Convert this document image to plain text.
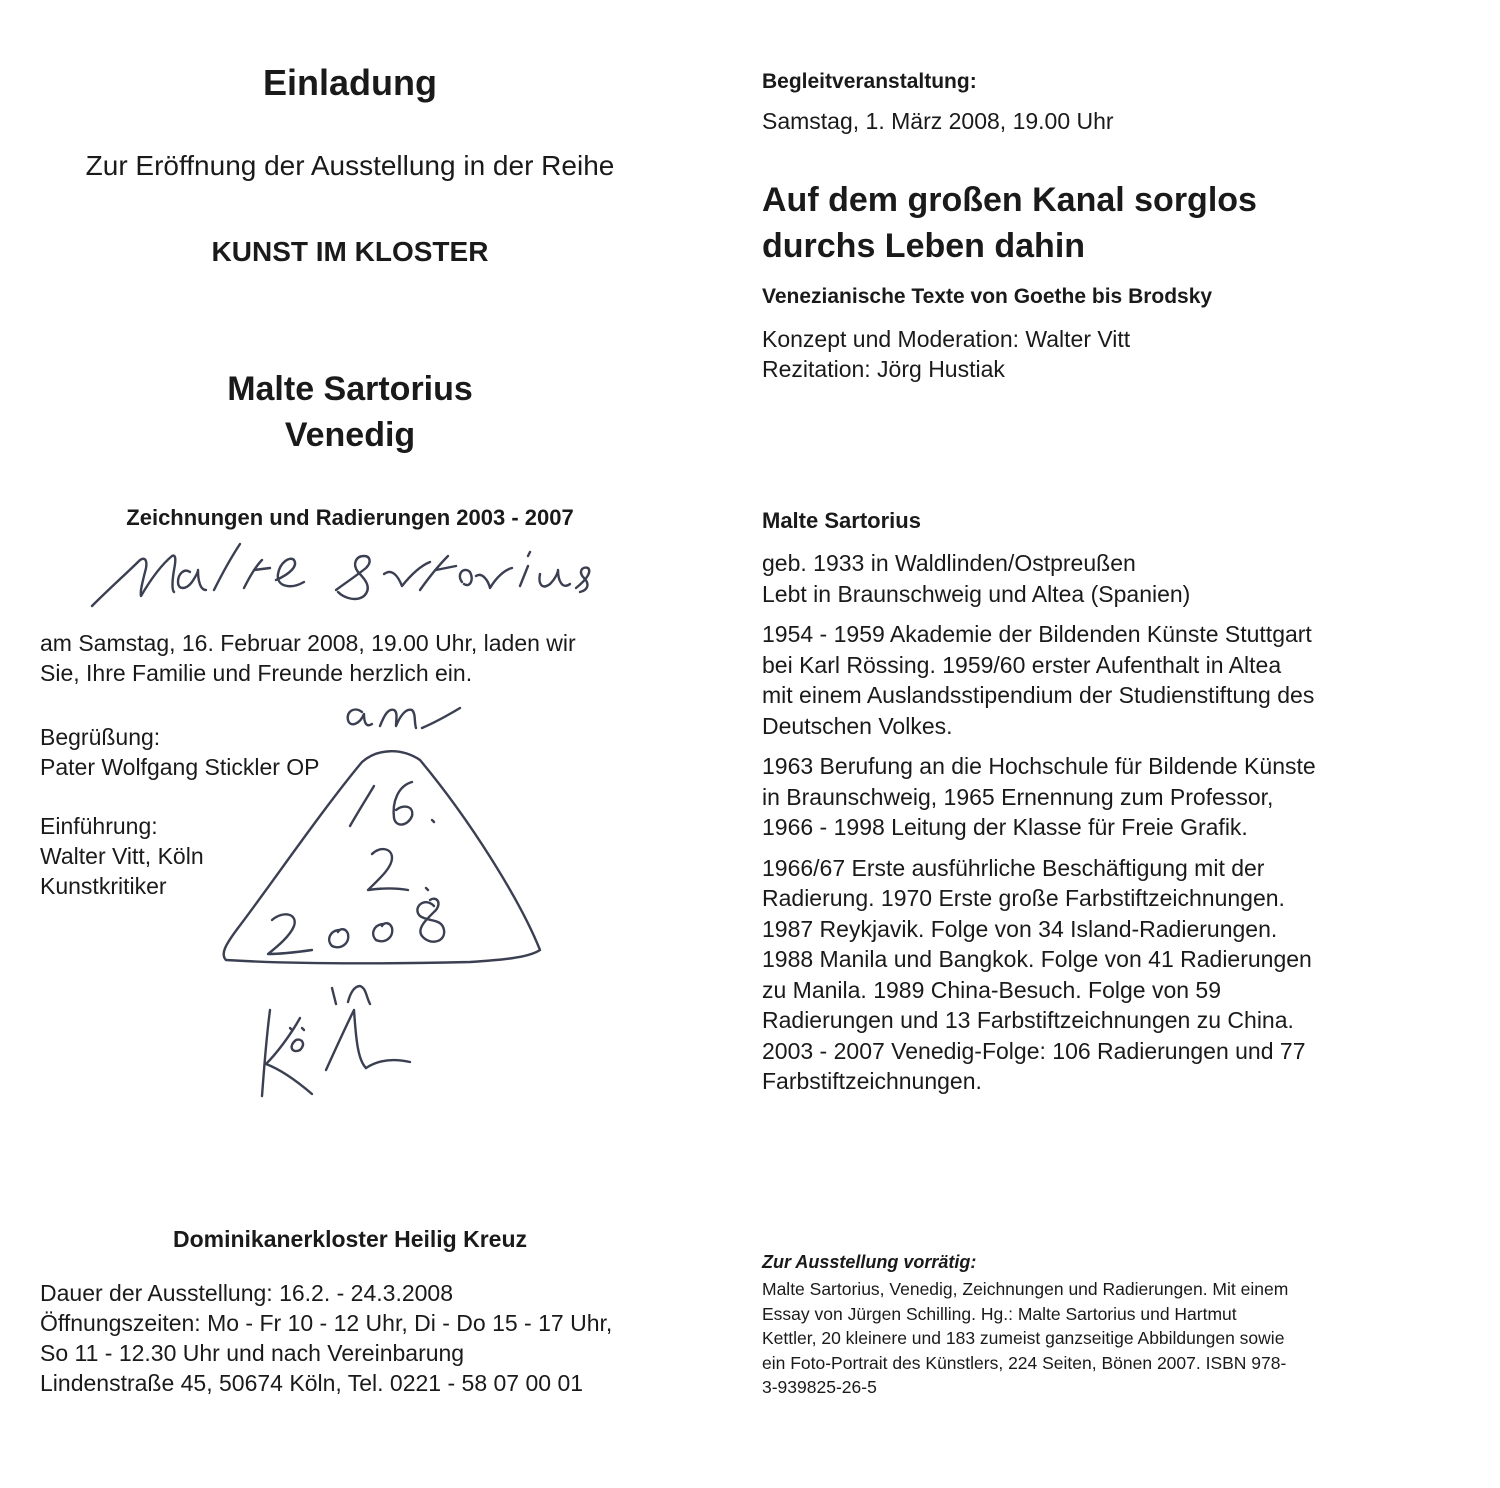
Einladung

Zur Eröffnung der Ausstellung in der Reihe

KUNST IM KLOSTER

Malte Sartorius
Venedig

Zeichnungen und Radierungen 2003 - 2007

am Samstag, 16. Februar 2008, 19.00 Uhr, laden wir
Sie, Ihre Familie und Freunde herzlich ein.
Begrüßung:
Pater Wolfgang Stickler OP
Einführung:
Walter Vitt, Köln
Kunstkritiker

Dominikanerkloster Heilig Kreuz

Dauer der Ausstellung: 16.2. - 24.3.2008
Öffnungszeiten: Mo - Fr 10 - 12 Uhr, Di - Do 15 - 17 Uhr,
So 11 - 12.30 Uhr und nach Vereinbarung
Lindenstraße 45, 50674 Köln, Tel. 0221 - 58 07 00 01

Begleitveranstaltung:

Samstag, 1. März 2008, 19.00 Uhr

Auf dem großen Kanal sorglos
durchs Leben dahin

Venezianische Texte von Goethe bis Brodsky

Konzept und Moderation: Walter Vitt
Rezitation: Jörg Hustiak

Malte Sartorius

geb. 1933 in Waldlinden/Ostpreußen
Lebt in Braunschweig und Altea (Spanien)
1954 - 1959 Akademie der Bildenden Künste Stuttgart
bei Karl Rössing. 1959/60 erster Aufenthalt in Altea
mit einem Auslandsstipendium der Studienstiftung des
Deutschen Volkes.
1963 Berufung an die Hochschule für Bildende Künste
in Braunschweig, 1965 Ernennung zum Professor,
1966 - 1998 Leitung der Klasse für Freie Grafik.
1966/67 Erste ausführliche Beschäftigung mit der
Radierung. 1970 Erste große Farbstiftzeichnungen.
1987 Reykjavik. Folge von 34 Island-Radierungen.
1988 Manila und Bangkok. Folge von 41 Radierungen
zu Manila. 1989 China-Besuch. Folge von 59
Radierungen und 13 Farbstiftzeichnungen zu China.
2003 - 2007 Venedig-Folge: 106 Radierungen und 77
Farbstiftzeichnungen.

Zur Ausstellung vorrätig:

Malte Sartorius, Venedig, Zeichnungen und Radierungen. Mit einem
Essay von Jürgen Schilling. Hg.: Malte Sartorius und Hartmut
Kettler, 20 kleinere und 183 zumeist ganzseitige Abbildungen sowie
ein Foto-Portrait des Künstlers, 224 Seiten, Bönen 2007. ISBN 978-
3-939825-26-5
